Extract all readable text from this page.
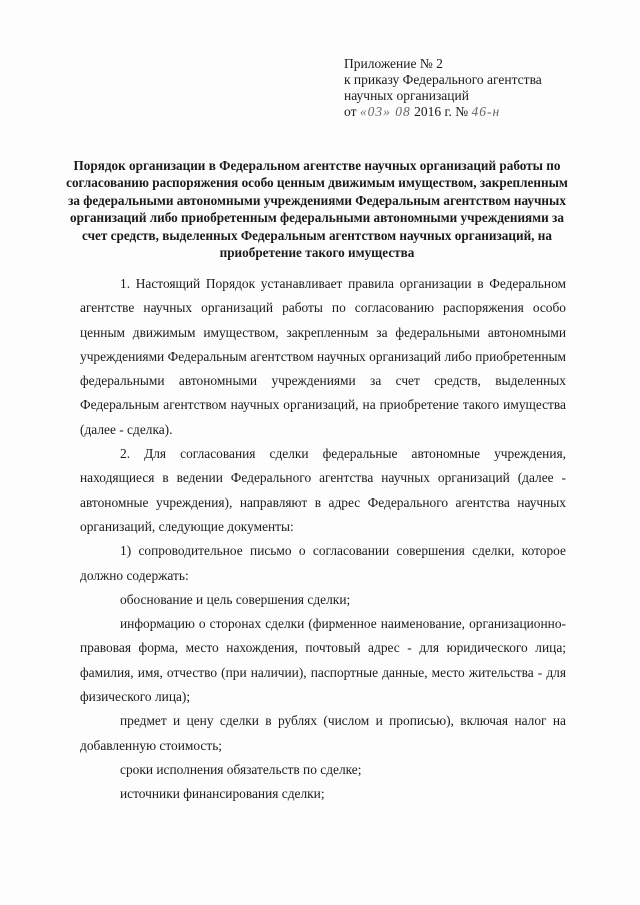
Приложение № 2
к приказу Федерального агентства
научных организаций
от «03» 08 2016 г. № 46-н
Порядок организации в Федеральном агентстве научных организаций работы по согласованию распоряжения особо ценным движимым имуществом, закрепленным за федеральными автономными учреждениями Федеральным агентством научных организаций либо приобретенным федеральными автономными учреждениями за счет средств, выделенных Федеральным агентством научных организаций, на приобретение такого имущества

1. Настоящий Порядок устанавливает правила организации в Федеральном агентстве научных организаций работы по согласованию распоряжения особо ценным движимым имуществом, закрепленным за федеральными автономными учреждениями Федеральным агентством научных организаций либо приобретенным федеральными автономными учреждениями за счет средств, выделенных Федеральным агентством научных организаций, на приобретение такого имущества (далее - сделка).

2. Для согласования сделки федеральные автономные учреждения, находящиеся в ведении Федерального агентства научных организаций (далее - автономные учреждения), направляют в адрес Федерального агентства научных организаций, следующие документы:

1) сопроводительное письмо о согласовании совершения сделки, которое должно содержать:

обоснование и цель совершения сделки;

информацию о сторонах сделки (фирменное наименование, организационно-правовая форма, место нахождения, почтовый адрес - для юридического лица; фамилия, имя, отчество (при наличии), паспортные данные, место жительства - для физического лица);

предмет и цену сделки в рублях (числом и прописью), включая налог на добавленную стоимость;

сроки исполнения обязательств по сделке;

источники финансирования сделки;
